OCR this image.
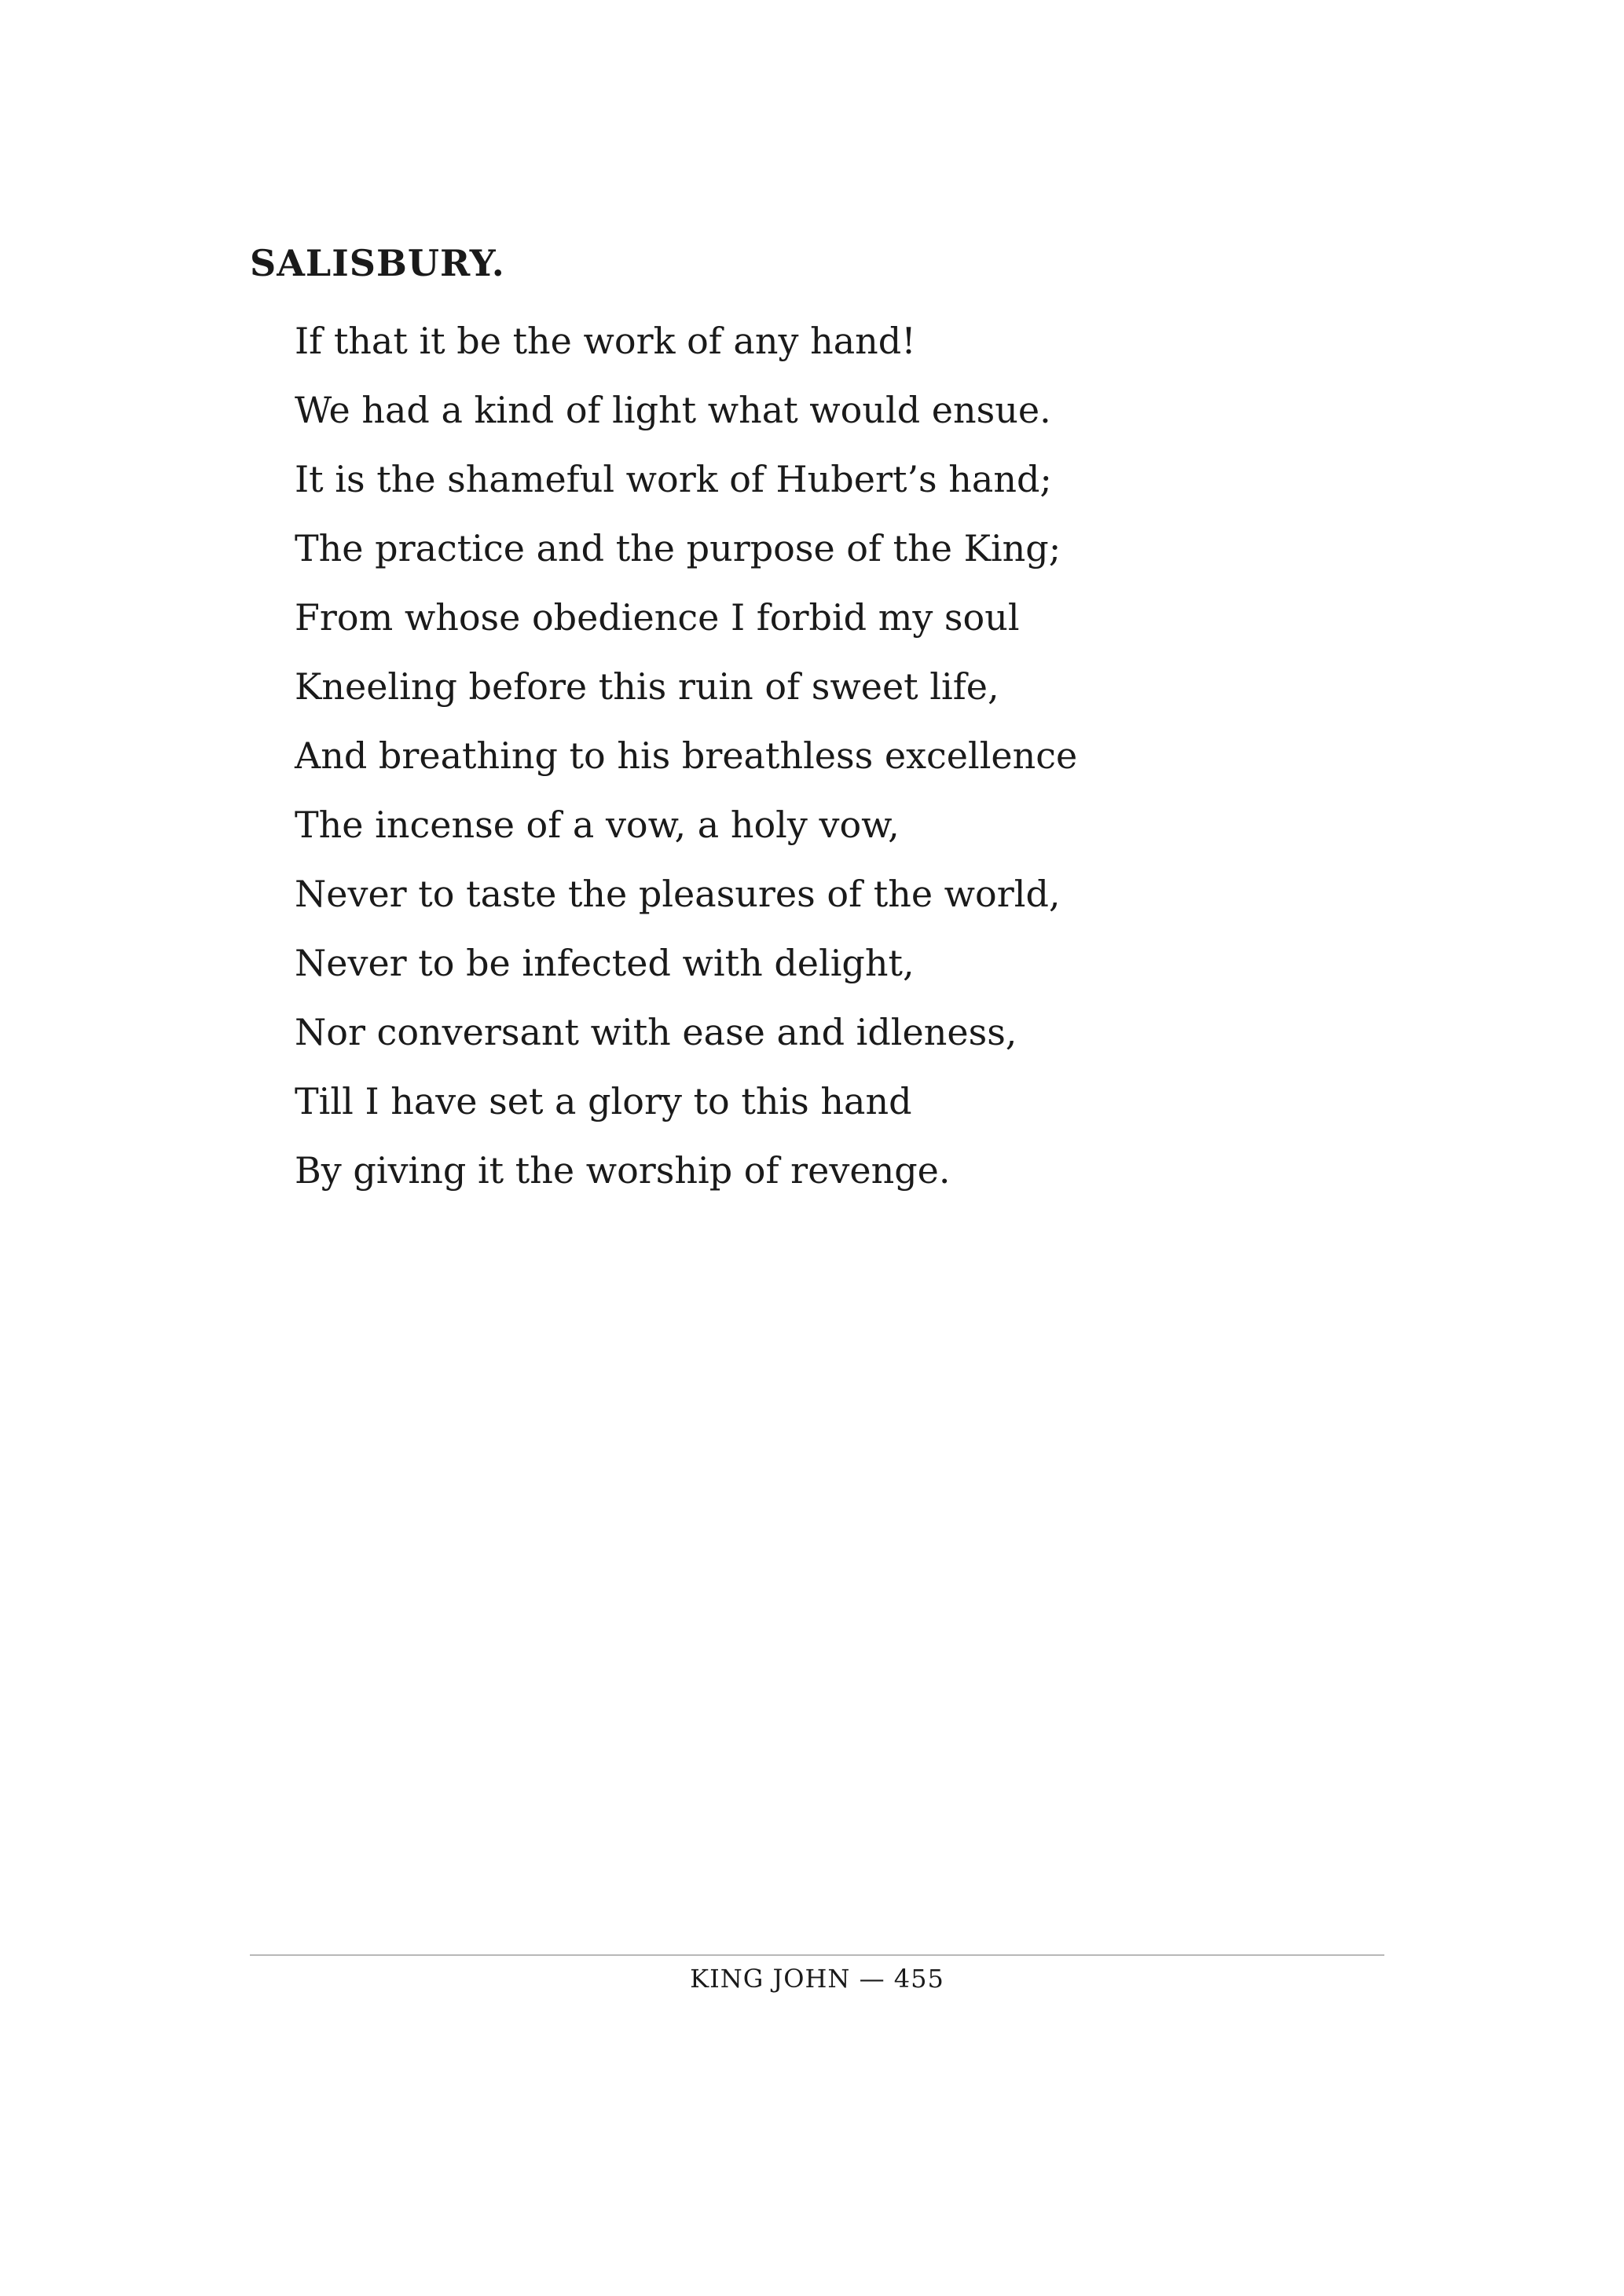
SALISBURY.
If that it be the work of any hand!
We had a kind of light what would ensue.
It is the shameful work of Hubert’s hand;
The practice and the purpose of the King;
From whose obedience I forbid my soul
Kneeling before this ruin of sweet life,
And breathing to his breathless excellence
The incense of a vow, a holy vow,
Never to taste the pleasures of the world,
Never to be infected with delight,
Nor conversant with ease and idleness,
Till I have set a glory to this hand
By giving it the worship of revenge.
KING JOHN — 455
